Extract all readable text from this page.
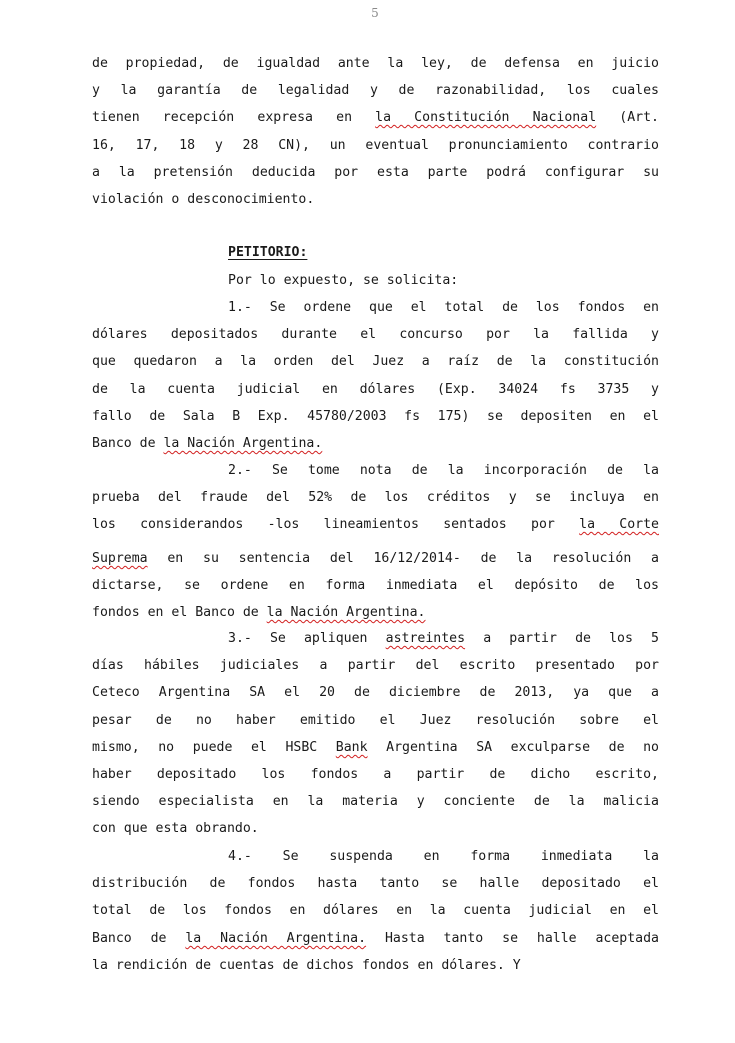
5
PETITORIO:
Por lo expuesto, se solicita:
de propiedad, de igualdad ante la ley, de defensa en juicio
y la garantía de legalidad y de razonabilidad, los cuales
tienen recepción expresa en la Constitución Nacional (Art.
16, 17, 18 y 28 CN), un eventual pronunciamiento contrario
a la pretensión deducida por esta parte podrá configurar su
violación o desconocimiento.
1.- Se ordene que el total de los fondos en
dólares depositados durante el concurso por la fallida y
que quedaron a la orden del Juez a raíz de la constitución
de la cuenta judicial en dólares (Exp. 34024 fs 3735 y
fallo de Sala B Exp. 45780/2003 fs 175) se depositen en el
Banco de la Nación Argentina.
2.- Se tome nota de la incorporación de la
prueba del fraude del 52% de los créditos y se incluya en
los considerandos -los lineamientos sentados por la Corte
Suprema en su sentencia del 16/12/2014- de la resolución a
dictarse, se ordene en forma inmediata el depósito de los
fondos en el Banco de la Nación Argentina.
3.- Se apliquen astreintes a partir de los 5
días hábiles judiciales a partir del escrito presentado por
Ceteco Argentina SA el 20 de diciembre de 2013, ya que a
pesar de no haber emitido el Juez resolución sobre el
mismo, no puede el HSBC Bank Argentina SA exculparse de no
haber depositado los fondos a partir de dicho escrito,
siendo especialista en la materia y conciente de la malicia
con que esta obrando.
4.- Se suspenda en forma inmediata la
distribución de fondos hasta tanto se halle depositado el
total de los fondos en dólares en la cuenta judicial en el
Banco de la Nación Argentina. Hasta tanto se halle aceptada
la rendición de cuentas de dichos fondos en dólares. Y
